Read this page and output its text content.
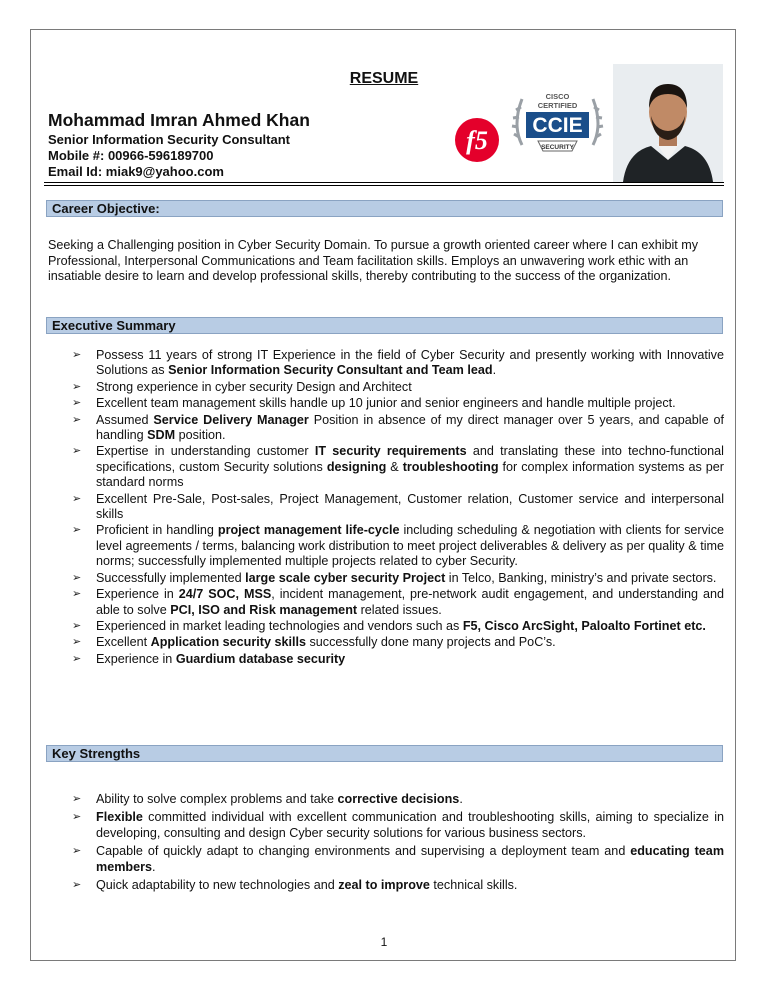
RESUME
Mohammad Imran Ahmed Khan
Senior Information Security Consultant
Mobile #: 00966-596189700
Email Id: miak9@yahoo.com
f5
CISCO
CERTIFIED
CCIE
SECURITY
Career Objective:
Seeking a Challenging position in Cyber Security Domain. To pursue a growth oriented career where I can exhibit my Professional, Interpersonal Communications and Team facilitation skills. Employs an unwavering work ethic with an insatiable desire to learn and develop professional skills, thereby contributing to the success of the organization.
Executive Summary
➢ Possess 11 years of strong IT Experience in the field of Cyber Security and presently working with Innovative Solutions as Senior Information Security Consultant and Team lead.
➢ Strong experience in cyber security Design and Architect
➢ Excellent team management skills handle up 10 junior and senior engineers and handle multiple project.
➢ Assumed Service Delivery Manager Position in absence of my direct manager over 5 years, and capable of handling SDM position.
➢ Expertise in understanding customer IT security requirements and translating these into techno-functional specifications, custom Security solutions designing & troubleshooting for complex information systems as per standard norms
➢ Excellent Pre-Sale, Post-sales, Project Management, Customer relation, Customer service and interpersonal skills
➢ Proficient in handling project management life-cycle including scheduling & negotiation with clients for service level agreements / terms, balancing work distribution to meet project deliverables & delivery as per quality & time norms; successfully implemented multiple projects related to cyber Security.
➢ Successfully implemented large scale cyber security Project in Telco, Banking, ministry’s and private sectors.
➢ Experience in 24/7 SOC, MSS, incident management, pre-network audit engagement, and understanding and able to solve PCI, ISO and Risk management related issues.
➢ Experienced in market leading technologies and vendors such as F5, Cisco ArcSight, Paloalto Fortinet etc.
➢ Excellent Application security skills successfully done many projects and PoC’s.
➢ Experience in Guardium database security
Key Strengths
➢ Ability to solve complex problems and take corrective decisions.
➢ Flexible committed individual with excellent communication and troubleshooting skills, aiming to specialize in developing, consulting and design Cyber security solutions for various business sectors.
➢ Capable of quickly adapt to changing environments and supervising a deployment team and educating team members.
➢ Quick adaptability to new technologies and zeal to improve technical skills.
1
